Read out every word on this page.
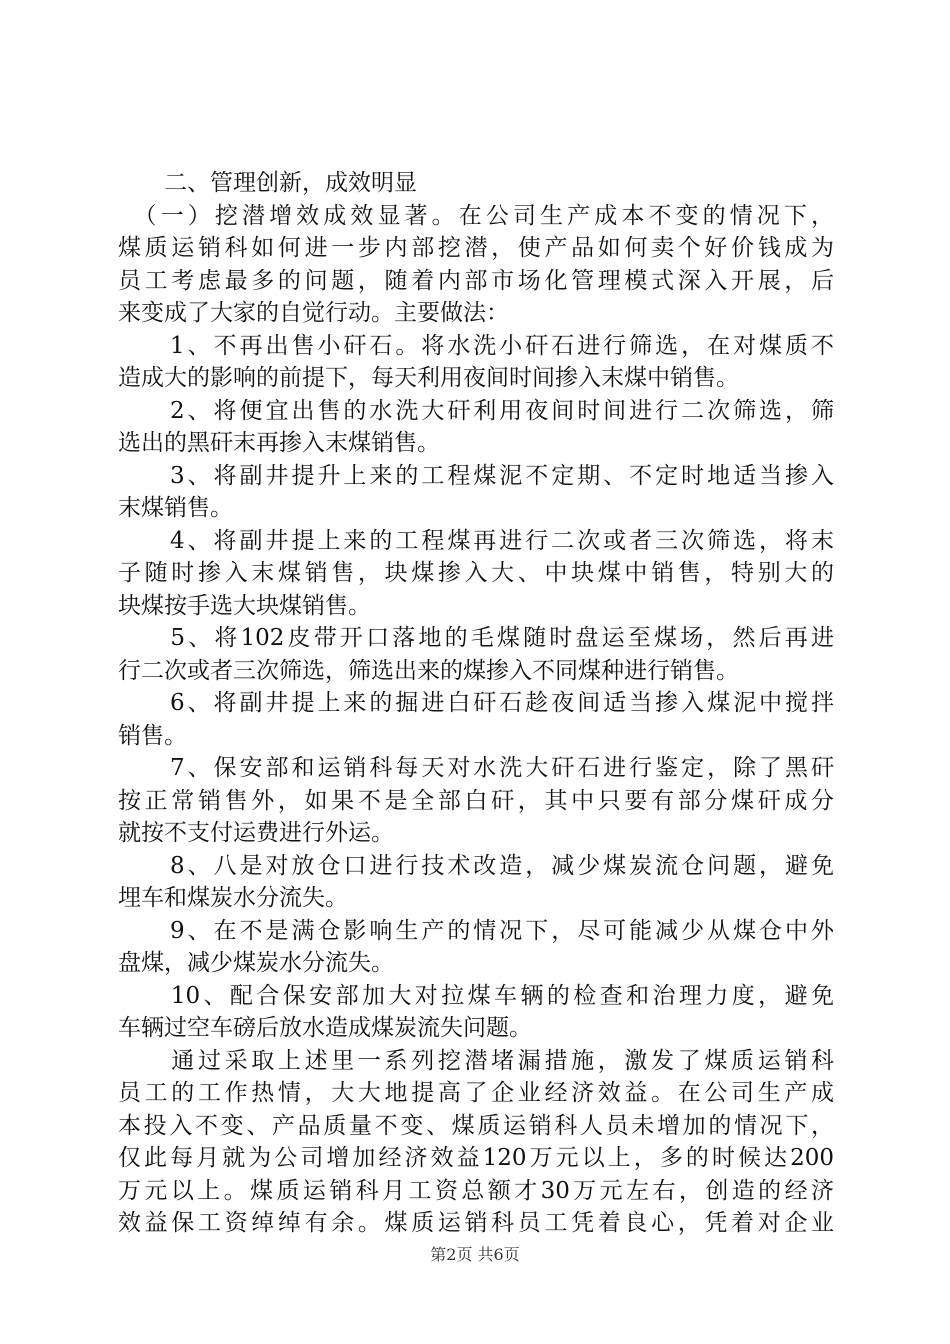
　　二、管理创新，成效明显
　（一）挖潜增效成效显著。在公司生产成本不变的情况下，
煤质运销科如何进一步内部挖潜，使产品如何卖个好价钱成为
员工考虑最多的问题，随着内部市场化管理模式深入开展，后
来变成了大家的自觉行动。主要做法：
　　1、不再出售小矸石。将水洗小矸石进行筛选，在对煤质不
造成大的影响的前提下，每天利用夜间时间掺入末煤中销售。
　　2、将便宜出售的水洗大矸利用夜间时间进行二次筛选，筛
选出的黑矸末再掺入末煤销售。
　　3、将副井提升上来的工程煤泥不定期、不定时地适当掺入
末煤销售。
　　4、将副井提上来的工程煤再进行二次或者三次筛选，将末
子随时掺入末煤销售，块煤掺入大、中块煤中销售，特别大的
块煤按手选大块煤销售。
　　5、将102皮带开口落地的毛煤随时盘运至煤场，然后再进
行二次或者三次筛选，筛选出来的煤掺入不同煤种进行销售。
　　6、将副井提上来的掘进白矸石趁夜间适当掺入煤泥中搅拌
销售。
　　7、保安部和运销科每天对水洗大矸石进行鉴定，除了黑矸
按正常销售外，如果不是全部白矸，其中只要有部分煤矸成分
就按不支付运费进行外运。
　　8、八是对放仓口进行技术改造，减少煤炭流仓问题，避免
埋车和煤炭水分流失。
　　9、在不是满仓影响生产的情况下，尽可能减少从煤仓中外
盘煤，减少煤炭水分流失。
　　10、配合保安部加大对拉煤车辆的检查和治理力度，避免
车辆过空车磅后放水造成煤炭流失问题。
　　通过采取上述里一系列挖潜堵漏措施，激发了煤质运销科
员工的工作热情，大大地提高了企业经济效益。在公司生产成
本投入不变、产品质量不变、煤质运销科人员未增加的情况下，
仅此每月就为公司增加经济效益120万元以上，多的时候达200
万元以上。煤质运销科月工资总额才30万元左右，创造的经济
效益保工资绰绰有余。煤质运销科员工凭着良心，凭着对企业
第2页 共6页
